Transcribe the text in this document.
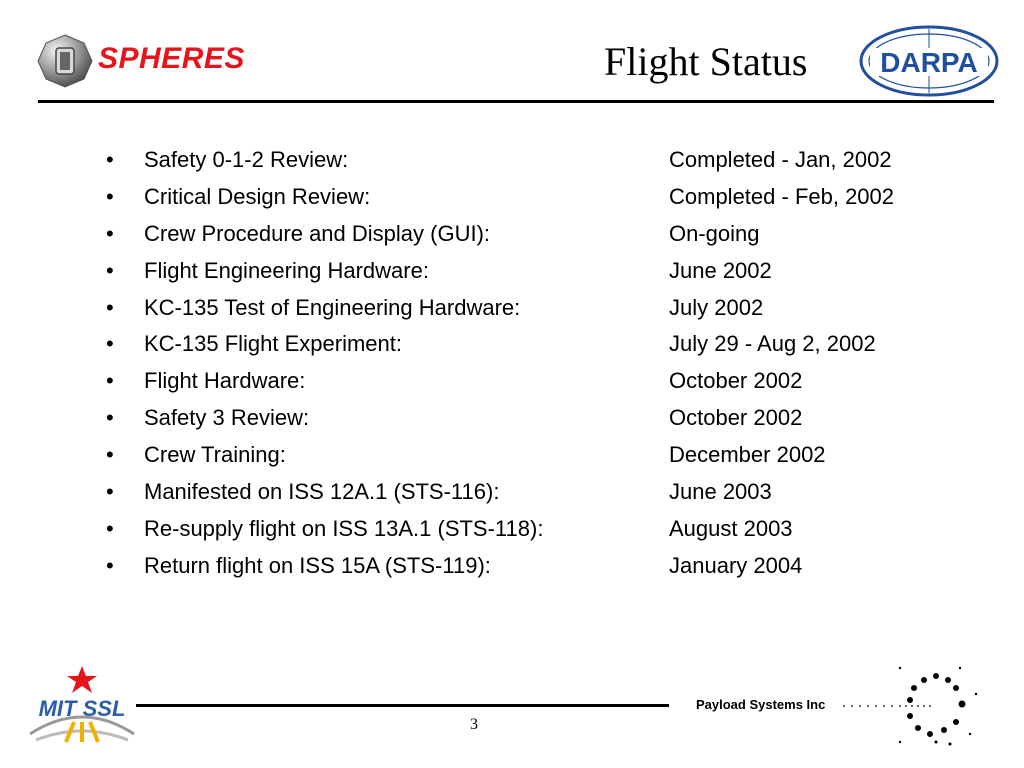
SPHERES	Flight Status	DARPA
• Safety 0-1-2 Review:	Completed - Jan, 2002
• Critical Design Review:	Completed - Feb, 2002
• Crew Procedure and Display (GUI):	On-going
• Flight Engineering Hardware:	June 2002
• KC-135 Test of Engineering Hardware:	July 2002
• KC-135 Flight Experiment:	July 29 - Aug 2, 2002
• Flight Hardware:	October 2002
• Safety 3 Review:	October 2002
• Crew Training:	December 2002
• Manifested on ISS 12A.1 (STS-116):	June 2003
• Re-supply flight on ISS 13A.1 (STS-118):	August 2003
• Return flight on ISS 15A (STS-119):	January 2004
MIT SSL	Payload Systems Inc
3
